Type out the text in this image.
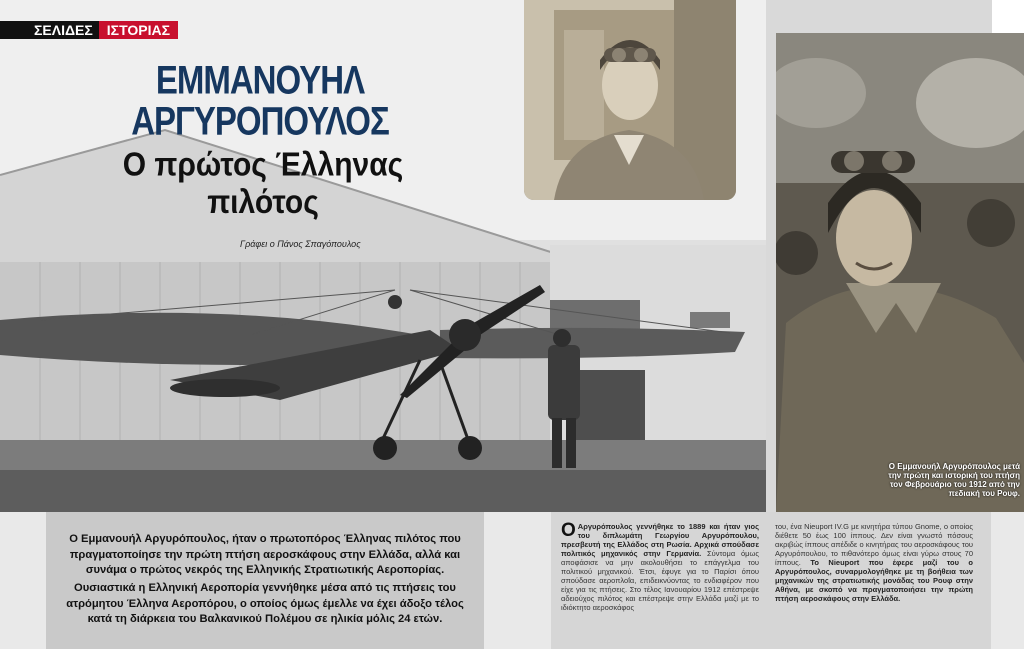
ΣΕΛΙΔΕΣ	ΙΣΤΟΡΙΑΣ
ΕΜΜΑΝΟΥΗΛ
ΑΡΓΥΡΟΠΟΥΛΟΣ
Ο πρώτος Έλληνας
πιλότος
Γράφει ο Πάνος Σπαγόπουλος
Ο Εμμανουήλ Αργυρόπουλος μετά την πρώτη και ιστορική του πτήση τον Φεβρουάριο του 1912 από την πεδιακή του Ρουφ.

Ο Εμμανουήλ Αργυρόπουλος, ήταν ο πρωτοπόρος Έλληνας πιλότος που πραγματοποίησε την πρώτη πτήση αεροσκάφους στην Ελλάδα, αλλά και συνάμα ο πρώτος νεκρός της Ελληνικής Στρατιωτικής Αεροπορίας.

Ουσιαστικά η Ελληνική Αεροπορία γεννήθηκε μέσα από τις πτήσεις του ατρόμητου Έλληνα Αεροπόρου, ο οποίος όμως έμελλε να έχει άδοξο τέλος κατά τη διάρκεια του Βαλκανικού Πολέμου σε ηλικία μόλις 24 ετών.

Ο Αργυρόπουλος γεννήθηκε το 1889 και ήταν γιος του διπλωμάτη Γεωργίου Αργυρόπουλου, πρεσβευτή της Ελλάδος στη Ρωσία. Αρχικά σπούδασε πολιτικός μηχανικός στην Γερμανία. Σύντομα όμως αποφάσισε να μην ακολουθήσει το επάγγελμα του πολιτικού μηχανικού. Έτσι, έφυγε για το Παρίσι όπου σπούδασε αεροπλοΐα, επιδεικνύοντας το ενδιαφέρον που είχε για τις πτήσεις. Στο τέλος Ιανουαρίου 1912 επέστρεψε αδειούχος πιλότος και επέστρεψε στην Ελλάδα μαζί με το ιδιόκτητο αεροσκάφος
του, ένα Nieuport IV.G με κινητήρα τύπου Gnome, ο οποίος διέθετε 50 έως 100 ίππους. Δεν είναι γνωστό πόσους ακριβώς ίππους απέδιδε ο κινητήρας του αεροσκάφους του Αργυρόπουλου, το πιθανότερο όμως είναι γύρω στους 70 ίππους. Το Nieuport που έφερε μαζί του ο Αργυρόπουλος, συναρμολογήθηκε με τη βοήθεια των μηχανικών της στρατιωτικής μονάδας του Ρουφ στην Αθήνα, με σκοπό να πραγματοποιήσει την πρώτη πτήση αεροσκάφους στην Ελλάδα.
